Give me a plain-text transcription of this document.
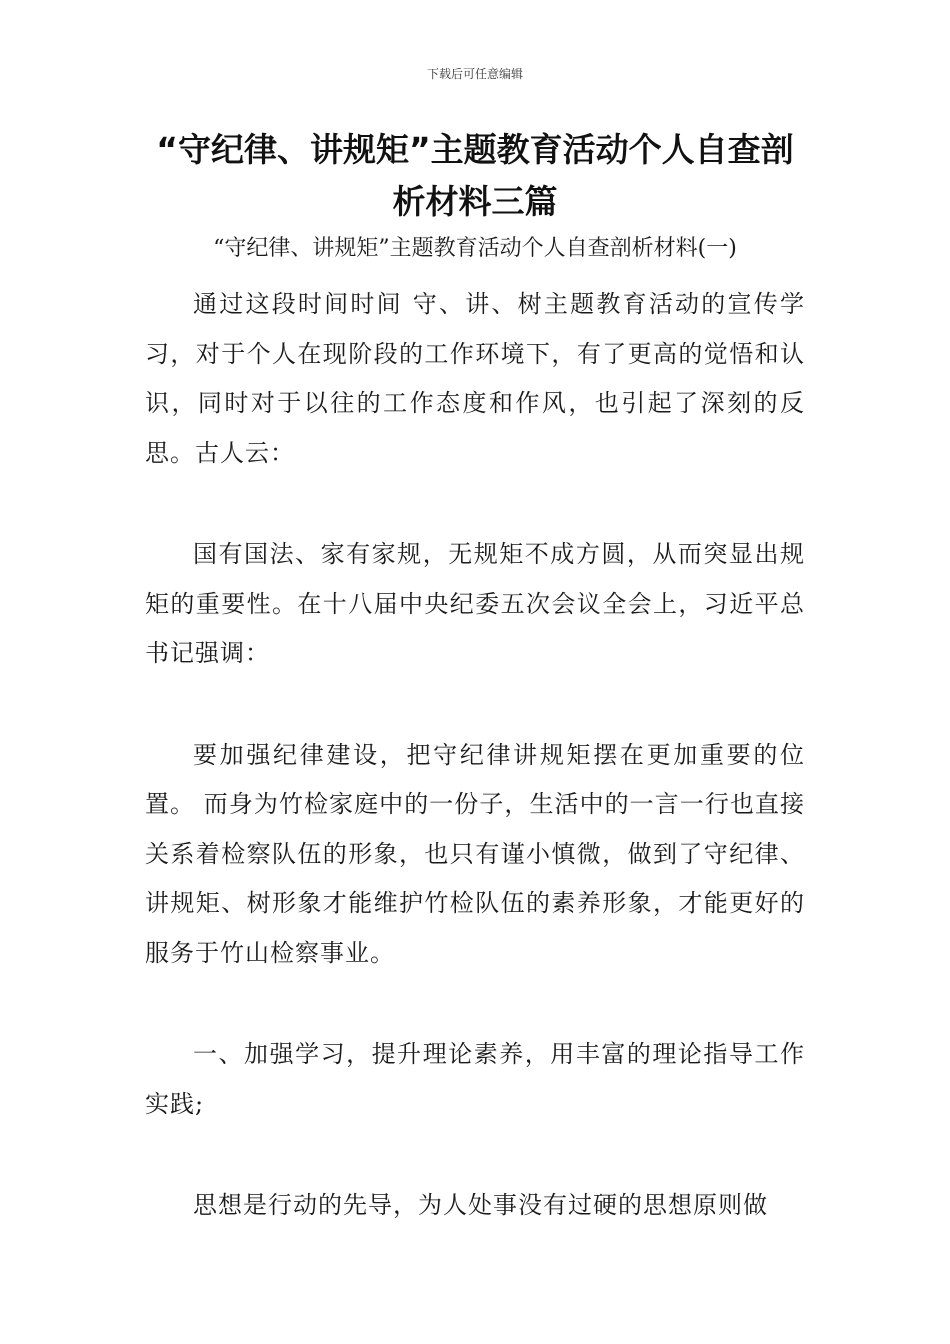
下载后可任意编辑
“守纪律、讲规矩”主题教育活动个人自查剖析材料三篇
“守纪律、讲规矩”主题教育活动个人自查剖析材料(一)

通过这段时间时间 守、讲、树主题教育活动的宣传学习，对于个人在现阶段的工作环境下，有了更高的觉悟和认识，同时对于以往的工作态度和作风，也引起了深刻的反思。古人云：

国有国法、家有家规，无规矩不成方圆，从而突显出规矩的重要性。在十八届中央纪委五次会议全会上，习近平总书记强调：

要加强纪律建设，把守纪律讲规矩摆在更加重要的位置。 而身为竹检家庭中的一份子，生活中的一言一行也直接关系着检察队伍的形象，也只有谨小慎微，做到了守纪律、讲规矩、树形象才能维护竹检队伍的素养形象，才能更好的服务于竹山检察事业。

一、加强学习，提升理论素养，用丰富的理论指导工作实践;

思想是行动的先导，为人处事没有过硬的思想原则做
